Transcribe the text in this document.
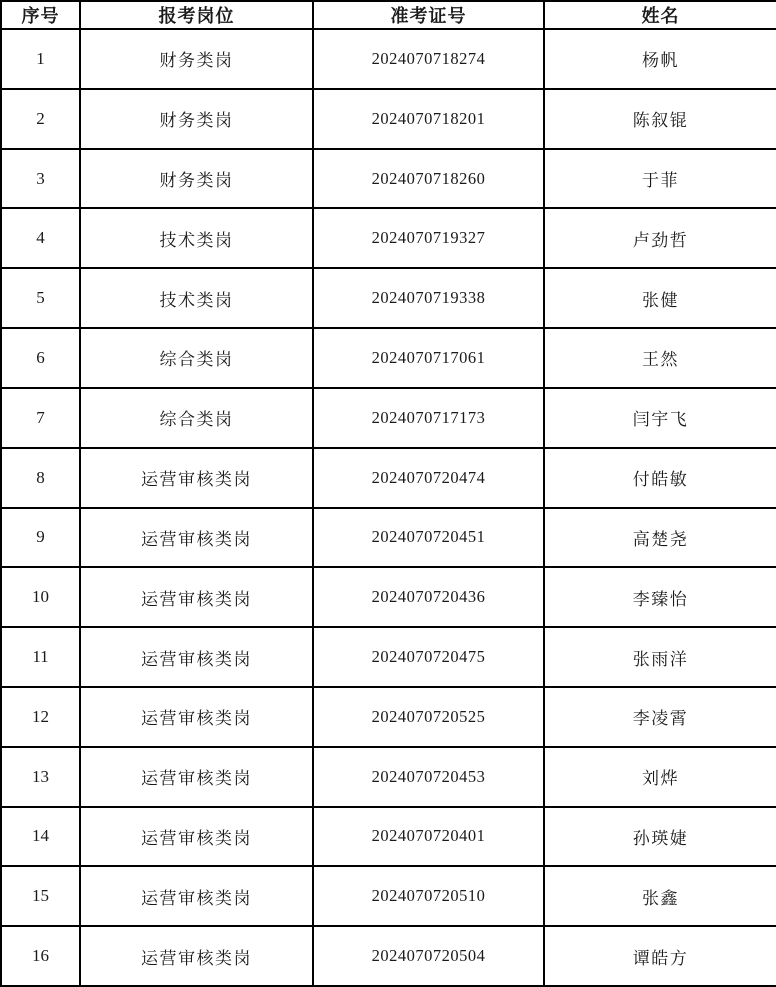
序号	报考岗位	准考证号	姓名
1	财务类岗	2024070718274	杨帆
2	财务类岗	2024070718201	陈叙锟
3	财务类岗	2024070718260	于菲
4	技术类岗	2024070719327	卢劲哲
5	技术类岗	2024070719338	张健
6	综合类岗	2024070717061	王然
7	综合类岗	2024070717173	闫宇飞
8	运营审核类岗	2024070720474	付皓敏
9	运营审核类岗	2024070720451	高楚尧
10	运营审核类岗	2024070720436	李臻怡
11	运营审核类岗	2024070720475	张雨洋
12	运营审核类岗	2024070720525	李凌霄
13	运营审核类岗	2024070720453	刘烨
14	运营审核类岗	2024070720401	孙瑛婕
15	运营审核类岗	2024070720510	张鑫
16	运营审核类岗	2024070720504	谭皓方
